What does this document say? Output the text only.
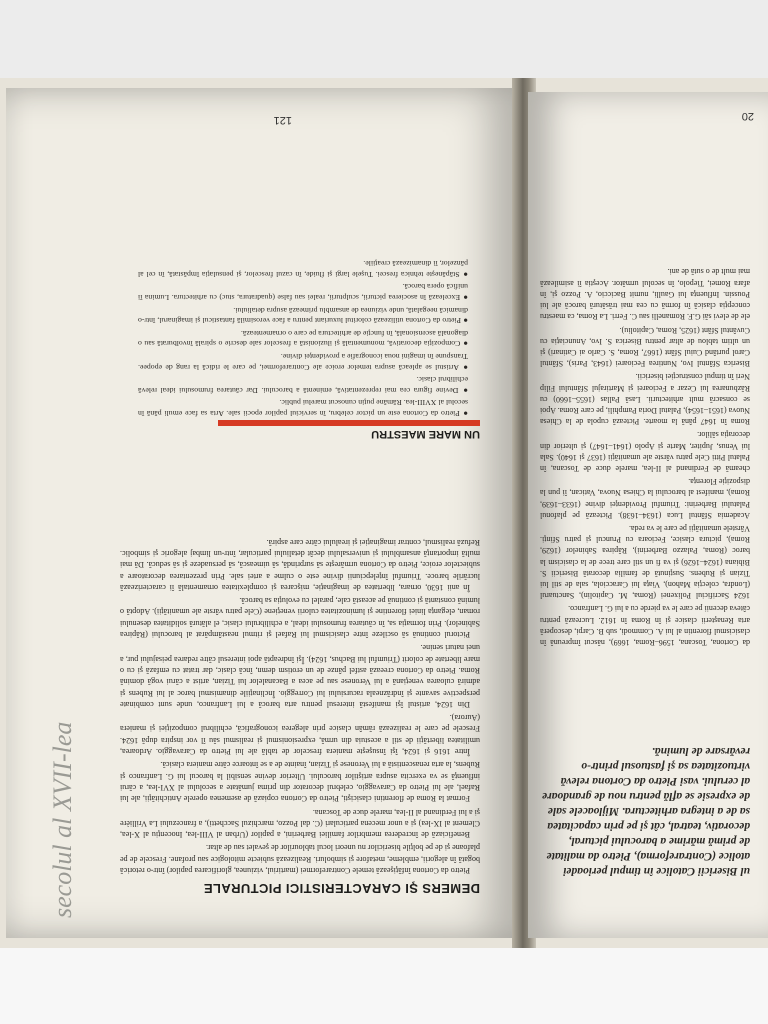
secolul al XVII-lea	DEMERS ŞI CARACTERISTICI PICTURALE

Pietro da Cortona înfăţişează temele Contrareformei (martiriul, viziunea, glorificarea papilor) într-o retorică bogată în alegorii, embleme, metafore şi simboluri. Realizează subiecte mitologice sau profane. Frescele de pe plafoane şi de pe bolţile bisericilor nu uneori locul tablourilor de şevalet sau de altar.

Beneficiază de încrederea membrilor familiei Barberini, a papilor (Urban al VIII-lea, Inocenţiu al X-lea, Clement al IX-lea) şi a unor mecena particulari (C. dal Pozzo, marchizul Sacchetti), a francezului La Vrillière şi a lui Ferdinand al II-lea, marele duce de Toscana.

Format la Roma de florentini clasicişti, Pietro da Cortona copiază de asemenea operele Antichităţii, ale lui Rafael, ale lui Pietro da Caravaggio, celebrul decorator din prima jumătate a secolului al XVI-lea, a cărui influenţă se va exercita asupra artiştilor barocului. Ulterior devine sensibil la barocul lui G. Lanfranco şi Rubens, la arta renascentistă a lui Veronese şi Tizian, înainte de a se întoarce către maniera clasică.

Între 1616 şi 1624, îşi însuşeşte maniera frescelor de tablă ale lui Pietro da Caravaggio. Ardoarea, umilitatea libertăţii de stil a acestuia din urmă, expresionismul şi realismul său îl vor inspira după 1624. Frescele pe care le realizează rămân clasice prin alegerea iconografică, echilibrul compoziţiei şi maniera (Aurora).

Din 1624, artistul îşi manifestă interesul pentru arta barocă a lui Lanfranco, unde sunt combinate perspective savante şi îndrăzneala racursiului lui Correggio. Înclinaţiile dinamismul baroc al lui Rubens şi admiră culoarea veneţiană a lui Veronese sau pe acea a Bacanalelor lui Tizian, artist a cărui vogă domină Roma. Pietro da Cortona creează astfel pânze de un erotism demn, încă clasic, dar tratat cu emfază şi cu o mare libertate de colorit (Triumful lui Bachus, 1624). Îşi îndreaptă apoi interesul către redarea peisajului pur, a unei naturi senine.

Pictorul continuă să oscileze între clasicismul lui Rafael şi ritmul neastâmpărat al barocului (Răpirea Sabinelor). Prin formaţia sa, în căutarea frumosului ideal, a echilibrului clasic, el alătură soliditatea desenului roman, eleganţa liniei florentine şi luminozitatea culorii veneţiene (Cele patru vârste ale umanităţii). Adoptă o lumină constantă şi continuă pe această cale, paralel cu evoluţia sa barocă.

În anii 1630, ornara, libertatea de imaginaţie, mişcarea şi complexitatea ornamentală îi caracterizează lucrările baroce. Triumful înţelepciunii divine este o culme a artei sale. Prin prezentarea decoratoare a subiectelor eroice, Pietro da Cortona urmăreşte să surprindă, să uimească, să persuadeze şi să seducă. Dă mai multă importanţă ansamblului şi universalului decât detaliului particular, într-un limbaj alegoric şi simbolic. Refuză realismul, contrar imaginaţiei şi irealului către care aspiră.

UN MARE MAESTRU

● Pietro da Cortona este un pictor celebru, în serviciul papilor epocii sale. Arta sa face emuli până în secolul al XVIII-lea. Rămâne puţin cunoscut marelui public.

● Devine figura cea mai reprezentativă, eminentă a barocului. Dar căutarea frumosului ideal relevă echilibrul clasic.

● Artistul se apleacă asupra temelor eroice ale Contrareformei, pe care le ridică la rang de epopee. Transpune în imagini noua iconografie a providenţei divine.

● Compoziţia decorativă, monumentală şi iluzionistă a frescelor sale descrie o spirală învolburată sau o diagonală ascensională, în funcţie de arhitectura pe care o ornamentează.

● Pietro da Cortona utilizează coloritul luxuriant pentru a face verosimilă fantasticul şi imaginarul, într-o dinamică neegalată, unde viziunea de ansamblu primează asupra detaliului.

● Excelează în asocierea picturii, sculpturii, realei sau false (quadratura, stuc) cu arhitectura. Lumina îi unifică opera barocă.

● Stăpâneşte tehnica frescei. Tuşele largi şi fluide, în cazul frescelor, şi pensulaţia împăstată, în cel al pânzelor, îi dinamizează creaţiile.

121
ul Bisericii Catolice în timpul perioadei atolice (Contrareforma), Pietro da malitate de primă mărime a barocului pictural, decorativ, teatral, cât şi pe prin capacitatea sa de a integra arhitectura. Mijloacele sale de expresie se află pentru nou de grandoare al cerului. vasi Pietro da Cortona relevă virtuozitatea sa şi fastuosul printr-o revărsare de lumină.

da Cortona, Toscana, 1596–Roma, 1669), născut împreună în clasicismul florentin al lui A. Commodi, sub B. Carpi, descoperă arta Renaşterii clasice şi în Roma în 1612. Lucrează pentru câteva decenii pe care le va pierde cu a lui G. Lanfranco.

1624 Sacrificiul Polixenei (Roma, M. Capitolin), Sanctuarul (Londra, colecţia Mahon), Viaţa lui Caracciola, sala de stil lui Tizian şi Rubens. Susţinută de familia decorată Bisericii S. Bibiana (1624–1626) şi va fi un stil care trece de la clasicism la baroc (Roma, Palazzo Barberini), Răpirea Sabinelor (1629, Roma), pictura clasice, Fecioara cu Pruncul şi patru Sfinţi. Vârstele umanităţii pe care le va reda.

Academia Sfântul Luca (1634–1638). Pictează pe plafonul Palatului Barberini: Triumful Providenţei divine (1633–1639, Roma), manifest al barocului la Chiesa Nuova, Vatican, îi pun la dispoziţie Florenţa.

cheamă de Ferdinand al II-lea, marele duce de Toscana, în Palatul Pitti Cele patru vârste ale umanităţii (1637 şi 1640). Sala lui Venus, Jupiter, Marte şi Apolo (1641–1647) şi ulterior din decoraţia sălilor.

Roma în 1647 până la moarte. Pictează cupola de la Chiesa Nuova (1651–1654), Palatul Doria Pamphili, pe care Roma. Apoi se consacră mult arhitecturii. Lasă Pallas (1655–1660) cu Răzbunarea lui Cezar a Fecioarei şi Martirajul Sfântului Filip Neri în timpul construcţiei bisericii.

Biserica Sfântul Ivo, Nuntirea Fecioarei (1643, Paris), Sfântul Carol purtând Cuiul Sfânt (1667, Roma, S. Carlo ai Catinari) şi un ultim tablou de altar pentru Biserica S. Ivo, Anunciaţia cu Cuvântul Sfânt (1625, Roma, Capitoliu).

ele de elevi săi G.F. Romanelli sau C. Ferri. La Roma, ca maestru concepţia clasică în formă cu cea mai trăsătură barocă ale lui Poussin. Influenţa lui Gaulli, numit Baciccio, A. Pozzo şi, în afara Romei, Tiepolo, în secolul următor. Aceştia îi asimilează mai mult de o sută de ani.

20
